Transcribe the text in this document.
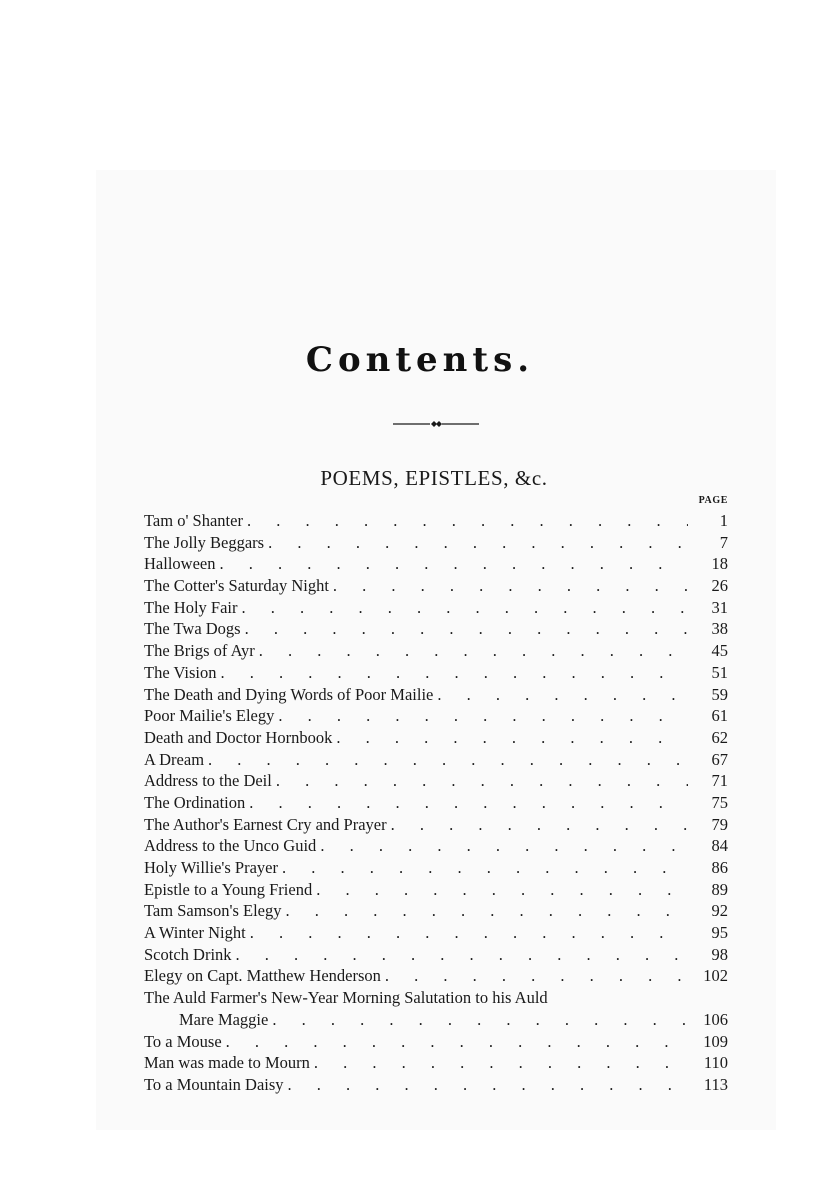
Contents.
POEMS, EPISTLES, &c.
PAGE
Tam o' Shanter . . .	1
The Jolly Beggars . . .	7
Halloween . . .	18
The Cotter's Saturday Night . . .	26
The Holy Fair . . .	31
The Twa Dogs . . .	38
The Brigs of Ayr . . .	45
The Vision . . .	51
The Death and Dying Words of Poor Mailie . . .	59
Poor Mailie's Elegy . . .	61
Death and Doctor Hornbook . . .	62
A Dream . . .	67
Address to the Deil . . .	71
The Ordination . . .	75
The Author's Earnest Cry and Prayer . . .	79
Address to the Unco Guid . . .	84
Holy Willie's Prayer . . .	86
Epistle to a Young Friend . . .	89
Tam Samson's Elegy . . .	92
A Winter Night . . .	95
Scotch Drink . . .	98
Elegy on Capt. Matthew Henderson . . .	102
The Auld Farmer's New-Year Morning Salutation to his Auld
Mare Maggie . . .	106
To a Mouse . . .	109
Man was made to Mourn . . .	110
To a Mountain Daisy . . .	113
